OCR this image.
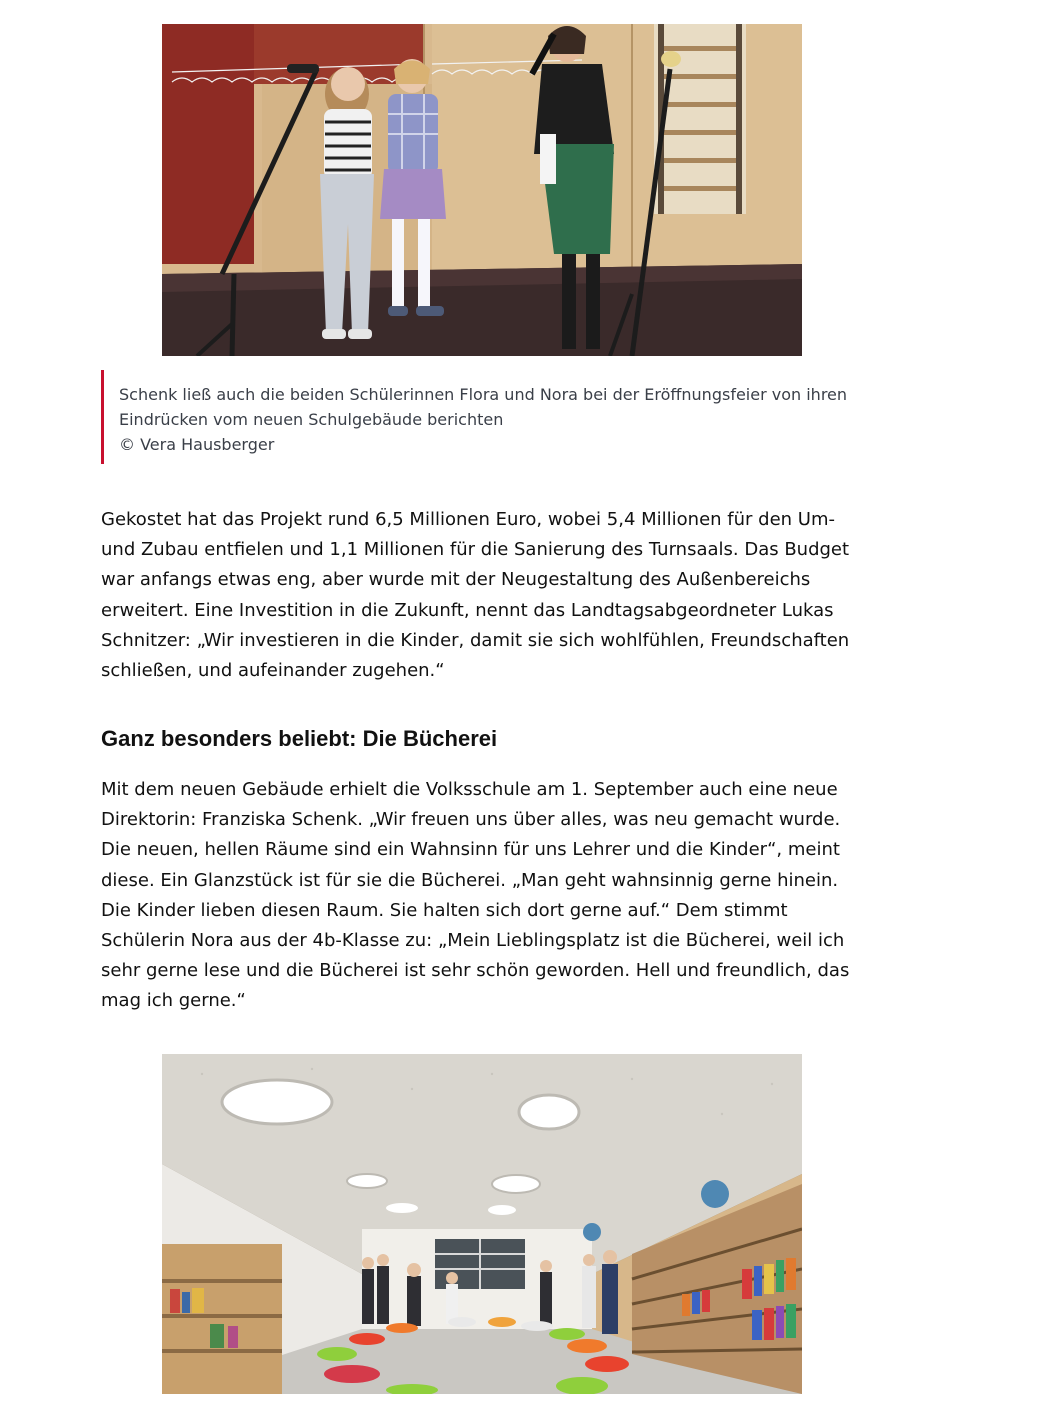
Schenk ließ auch die beiden Schülerinnen Flora und Nora bei der Eröffnungsfeier von ihren Eindrücken vom neuen Schulgebäude berichten

© Vera Hausberger

Gekostet hat das Projekt rund 6,5 Millionen Euro, wobei 5,4 Millionen für den Um- und Zubau entfielen und 1,1 Millionen für die Sanierung des Turnsaals. Das Budget war anfangs etwas eng, aber wurde mit der Neugestaltung des Außenbereichs erweitert. Eine Investition in die Zukunft, nennt das Landtagsabgeordneter Lukas Schnitzer: „Wir investieren in die Kinder, damit sie sich wohlfühlen, Freundschaften schließen, und aufeinander zugehen.“

Ganz besonders beliebt: Die Bücherei

Mit dem neuen Gebäude erhielt die Volksschule am 1. September auch eine neue Direktorin: Franziska Schenk. „Wir freuen uns über alles, was neu gemacht wurde. Die neuen, hellen Räume sind ein Wahnsinn für uns Lehrer und die Kinder“, meint diese. Ein Glanzstück ist für sie die Bücherei. „Man geht wahnsinnig gerne hinein. Die Kinder lieben diesen Raum. Sie halten sich dort gerne auf.“ Dem stimmt Schülerin Nora aus der 4b-Klasse zu: „Mein Lieblingsplatz ist die Bücherei, weil ich sehr gerne lese und die Bücherei ist sehr schön geworden. Hell und freundlich, das mag ich gerne.“
